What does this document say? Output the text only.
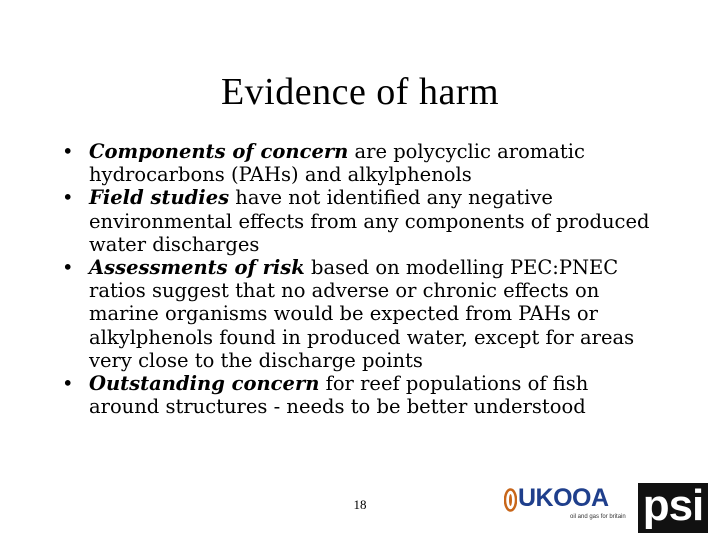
Evidence of harm
• Components of concern are polycyclic aromatic hydrocarbons (PAHs) and alkylphenols
• Field studies have not identified any negative environmental effects from any components of produced water discharges
• Assessments of risk based on modelling PEC:PNEC ratios suggest that no adverse or chronic effects on marine organisms would be expected from PAHs or alkylphenols found in produced water, except for areas very close to the discharge points
• Outstanding concern for reef populations of fish around structures - needs to be better understood
18	UKOOA
oil and gas for britain psi
